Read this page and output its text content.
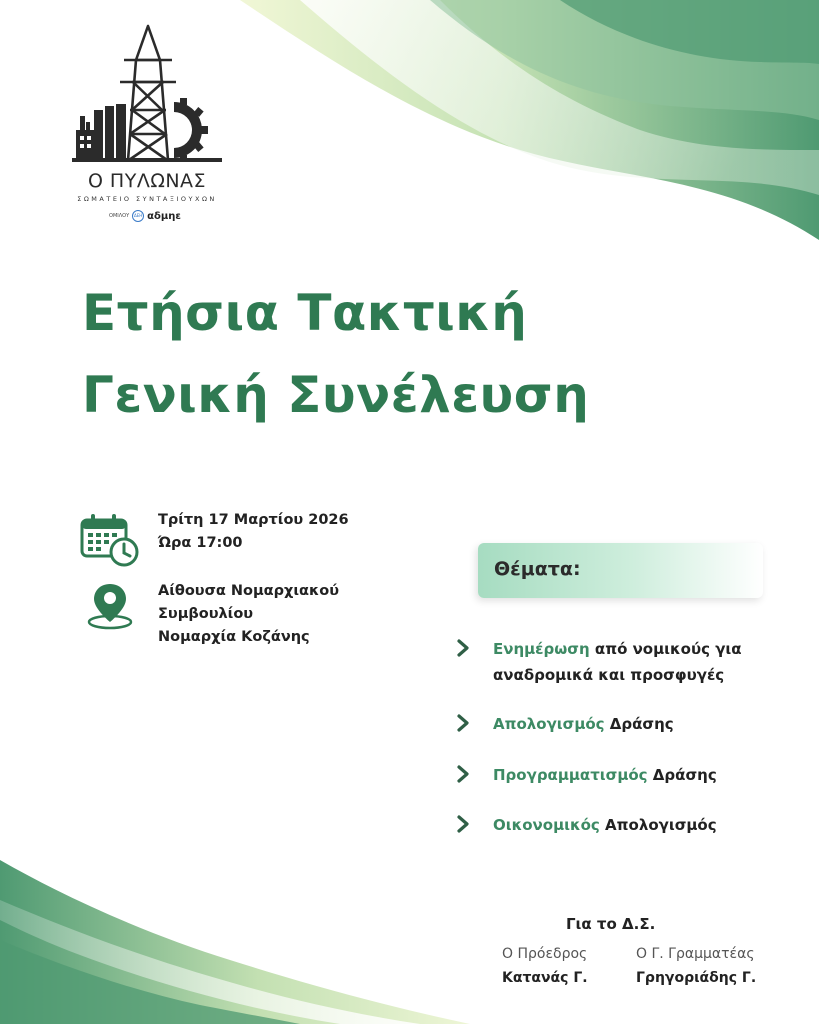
Ο ΠΥΛΩΝΑΣ
ΣΩΜΑΤΕΙΟ ΣΥΝΤΑΞΙΟΥΧΩΝ
ΟΜΙΛΟΥ	ΔΕΗ αδμηε
Ετήσια Τακτική
Γενική Συνέλευση
Τρίτη 17 Μαρτίου 2026
Ώρα 17:00
Αίθουσα Νομαρχιακού
Συμβουλίου
Νομαρχία Κοζάνης
Θέματα:
Ενημέρωση από νομικούς για αναδρομικά και προσφυγές
Απολογισμός Δράσης
Προγραμματισμός Δράσης
Οικονομικός Απολογισμός
Για το Δ.Σ.
Ο Πρόεδρος	Ο Γ. Γραμματέας
Κατανάς Γ.	Γρηγοριάδης Γ.
